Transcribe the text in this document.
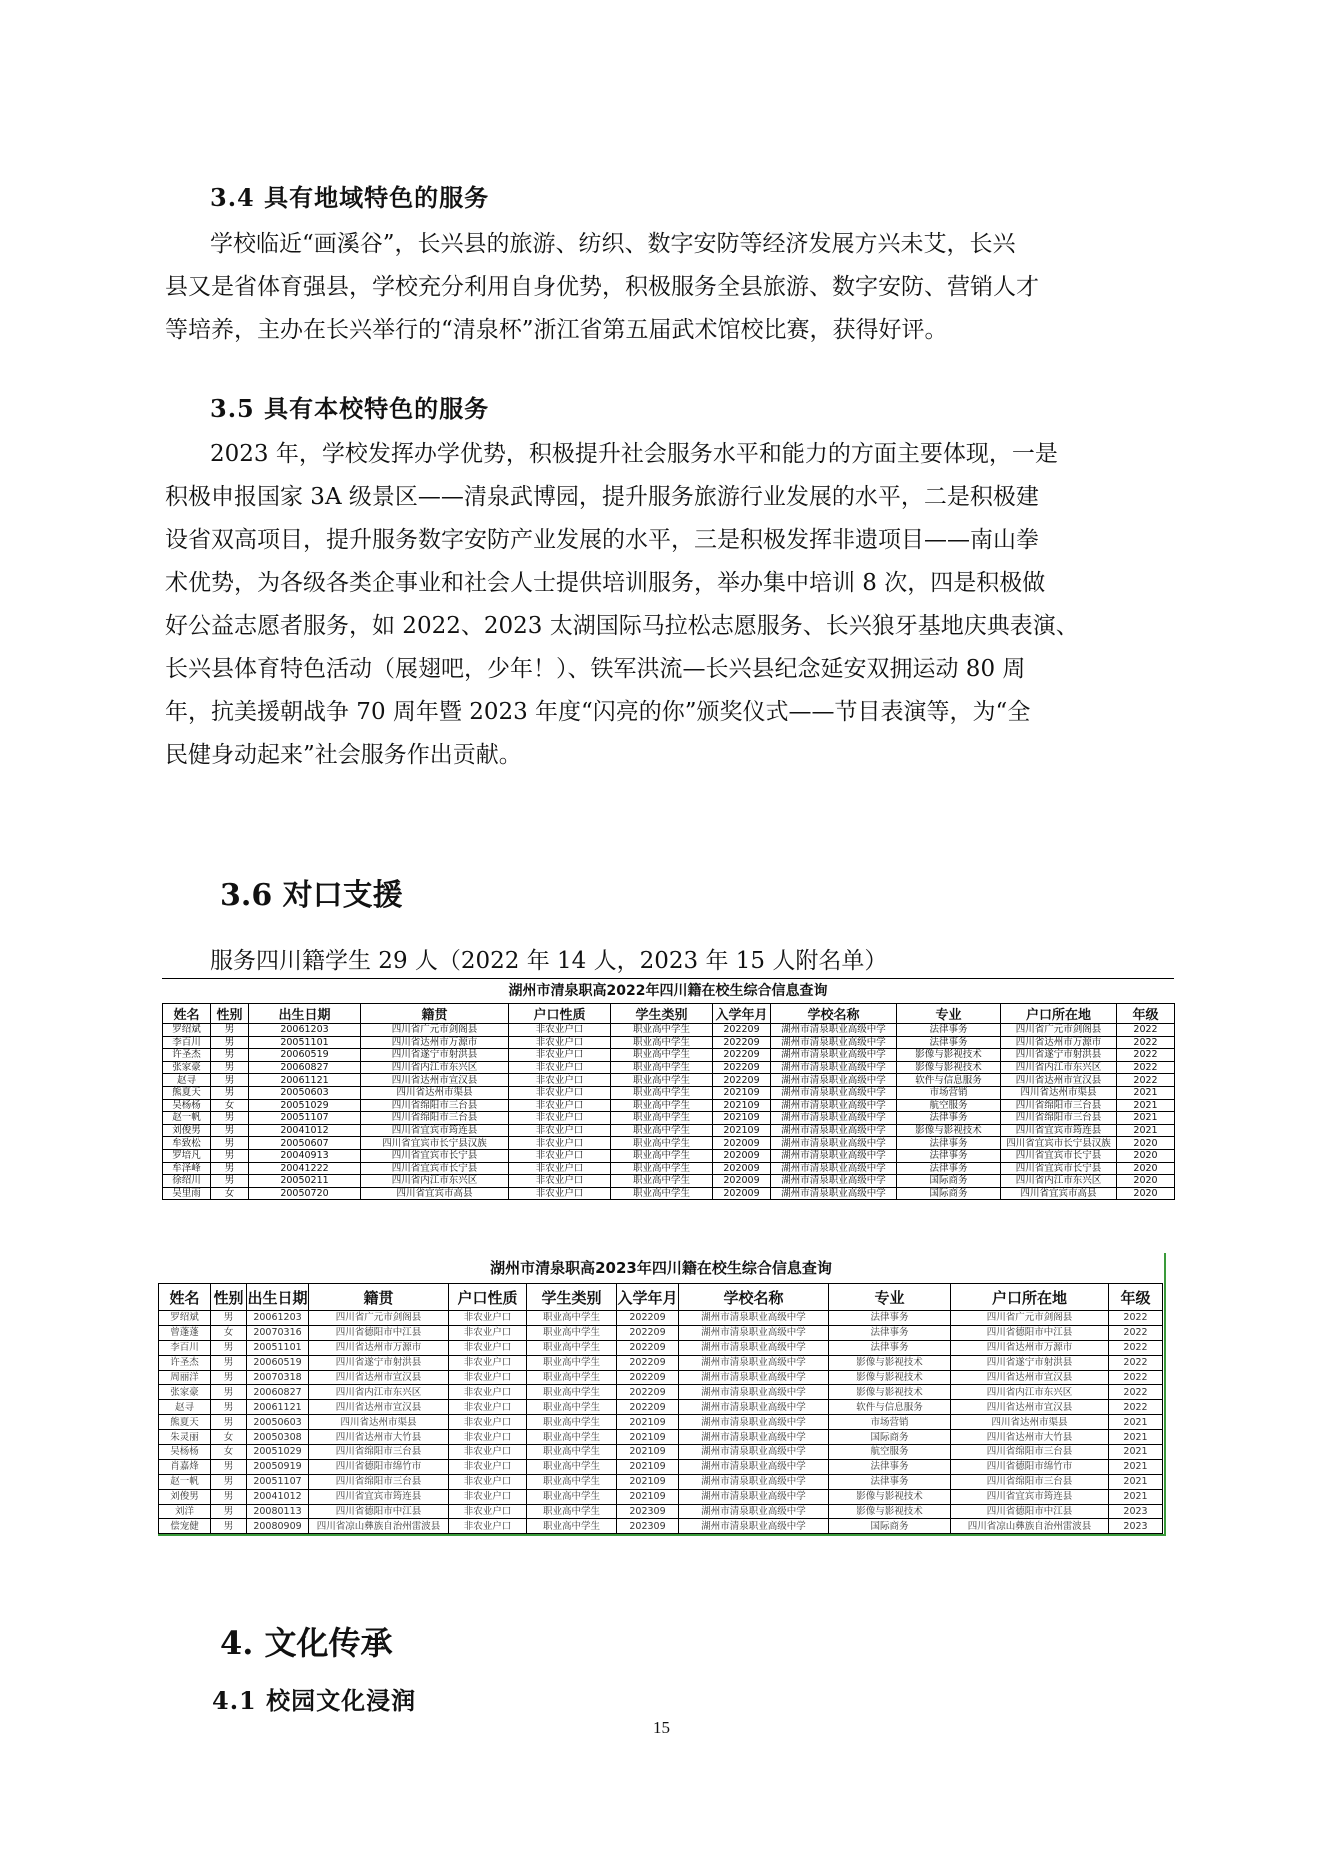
3.4 具有地域特色的服务

学校临近“画溪谷”，长兴县的旅游、纺织、数字安防等经济发展方兴未艾，长兴

县又是省体育强县，学校充分利用自身优势，积极服务全县旅游、数字安防、营销人才

等培养，主办在长兴举行的“清泉杯”浙江省第五届武术馆校比赛，获得好评。

3.5 具有本校特色的服务

2023 年，学校发挥办学优势，积极提升社会服务水平和能力的方面主要体现，一是

积极申报国家 3A 级景区——清泉武博园，提升服务旅游行业发展的水平，二是积极建

设省双高项目，提升服务数字安防产业发展的水平，三是积极发挥非遗项目——南山拳

术优势，为各级各类企事业和社会人士提供培训服务，举办集中培训 8 次，四是积极做

好公益志愿者服务，如 2022、2023 太湖国际马拉松志愿服务、长兴狼牙基地庆典表演、

长兴县体育特色活动（展翅吧，少年！）、铁军洪流—长兴县纪念延安双拥运动 80 周

年，抗美援朝战争 70 周年暨 2023 年度“闪亮的你”颁奖仪式——节目表演等，为“全

民健身动起来”社会服务作出贡献。

3.6 对口支援
服务四川籍学生 29 人（2022 年 14 人，2023 年 15 人附名单）
湖州市清泉职高2022年四川籍在校生综合信息查询
姓名	性别	出生日期	籍贯	户口性质	学生类别	入学年月	学校名称	专业	户口所在地	年级
罗绍斌	男	20061203	四川省广元市剑阁县	非农业户口	职业高中学生	202209	湖州市清泉职业高级中学	法律事务	四川省广元市剑阁县	2022
李百川	男	20051101	四川省达州市万源市	非农业户口	职业高中学生	202209	湖州市清泉职业高级中学	法律事务	四川省达州市万源市	2022
许圣杰	男	20060519	四川省遂宁市射洪县	非农业户口	职业高中学生	202209	湖州市清泉职业高级中学	影像与影视技术	四川省遂宁市射洪县	2022
张家豪	男	20060827	四川省内江市东兴区	非农业户口	职业高中学生	202209	湖州市清泉职业高级中学	影像与影视技术	四川省内江市东兴区	2022
赵寻	男	20061121	四川省达州市宣汉县	非农业户口	职业高中学生	202209	湖州市清泉职业高级中学	软件与信息服务	四川省达州市宣汉县	2022
熊夏天	男	20050603	四川省达州市渠县	非农业户口	职业高中学生	202109	湖州市清泉职业高级中学	市场营销	四川省达州市渠县	2021
吴杨杨	女	20051029	四川省绵阳市三台县	非农业户口	职业高中学生	202109	湖州市清泉职业高级中学	航空服务	四川省绵阳市三台县	2021
赵一帆	男	20051107	四川省绵阳市三台县	非农业户口	职业高中学生	202109	湖州市清泉职业高级中学	法律事务	四川省绵阳市三台县	2021
刘俊男	男	20041012	四川省宜宾市筠连县	非农业户口	职业高中学生	202109	湖州市清泉职业高级中学	影像与影视技术	四川省宜宾市筠连县	2021
牟致松	男	20050607	四川省宜宾市长宁县汉族	非农业户口	职业高中学生	202009	湖州市清泉职业高级中学	法律事务	四川省宜宾市长宁县汉族	2020
罗培凡	男	20040913	四川省宜宾市长宁县	非农业户口	职业高中学生	202009	湖州市清泉职业高级中学	法律事务	四川省宜宾市长宁县	2020
牟泽峰	男	20041222	四川省宜宾市长宁县	非农业户口	职业高中学生	202009	湖州市清泉职业高级中学	法律事务	四川省宜宾市长宁县	2020
徐绍川	男	20050211	四川省内江市东兴区	非农业户口	职业高中学生	202009	湖州市清泉职业高级中学	国际商务	四川省内江市东兴区	2020
吴里雨	女	20050720	四川省宜宾市高县	非农业户口	职业高中学生	202009	湖州市清泉职业高级中学	国际商务	四川省宜宾市高县	2020
湖州市清泉职高2023年四川籍在校生综合信息查询
姓名	性别	出生日期	籍贯	户口性质	学生类别	入学年月	学校名称	专业	户口所在地	年级
罗绍斌	男	20061203	四川省广元市剑阁县	非农业户口	职业高中学生	202209	湖州市清泉职业高级中学	法律事务	四川省广元市剑阁县	2022
曾蓬蓬	女	20070316	四川省德阳市中江县	非农业户口	职业高中学生	202209	湖州市清泉职业高级中学	法律事务	四川省德阳市中江县	2022
李百川	男	20051101	四川省达州市万源市	非农业户口	职业高中学生	202209	湖州市清泉职业高级中学	法律事务	四川省达州市万源市	2022
许圣杰	男	20060519	四川省遂宁市射洪县	非农业户口	职业高中学生	202209	湖州市清泉职业高级中学	影像与影视技术	四川省遂宁市射洪县	2022
周丽洋	男	20070318	四川省达州市宣汉县	非农业户口	职业高中学生	202209	湖州市清泉职业高级中学	影像与影视技术	四川省达州市宣汉县	2022
张家豪	男	20060827	四川省内江市东兴区	非农业户口	职业高中学生	202209	湖州市清泉职业高级中学	影像与影视技术	四川省内江市东兴区	2022
赵寻	男	20061121	四川省达州市宣汉县	非农业户口	职业高中学生	202209	湖州市清泉职业高级中学	软件与信息服务	四川省达州市宣汉县	2022
熊夏天	男	20050603	四川省达州市渠县	非农业户口	职业高中学生	202109	湖州市清泉职业高级中学	市场营销	四川省达州市渠县	2021
朱灵丽	女	20050308	四川省达州市大竹县	非农业户口	职业高中学生	202109	湖州市清泉职业高级中学	国际商务	四川省达州市大竹县	2021
吴杨杨	女	20051029	四川省绵阳市三台县	非农业户口	职业高中学生	202109	湖州市清泉职业高级中学	航空服务	四川省绵阳市三台县	2021
肖嘉烽	男	20050919	四川省德阳市绵竹市	非农业户口	职业高中学生	202109	湖州市清泉职业高级中学	法律事务	四川省德阳市绵竹市	2021
赵一帆	男	20051107	四川省绵阳市三台县	非农业户口	职业高中学生	202109	湖州市清泉职业高级中学	法律事务	四川省绵阳市三台县	2021
刘俊男	男	20041012	四川省宜宾市筠连县	非农业户口	职业高中学生	202109	湖州市清泉职业高级中学	影像与影视技术	四川省宜宾市筠连县	2021
刘洋	男	20080113	四川省德阳市中江县	非农业户口	职业高中学生	202309	湖州市清泉职业高级中学	影像与影视技术	四川省德阳市中江县	2023
偿宠健	男	20080909	四川省凉山彝族自治州雷波县	非农业户口	职业高中学生	202309	湖州市清泉职业高级中学	国际商务	四川省凉山彝族自治州雷波县	2023
4. 文化传承
4.1 校园文化浸润
15
